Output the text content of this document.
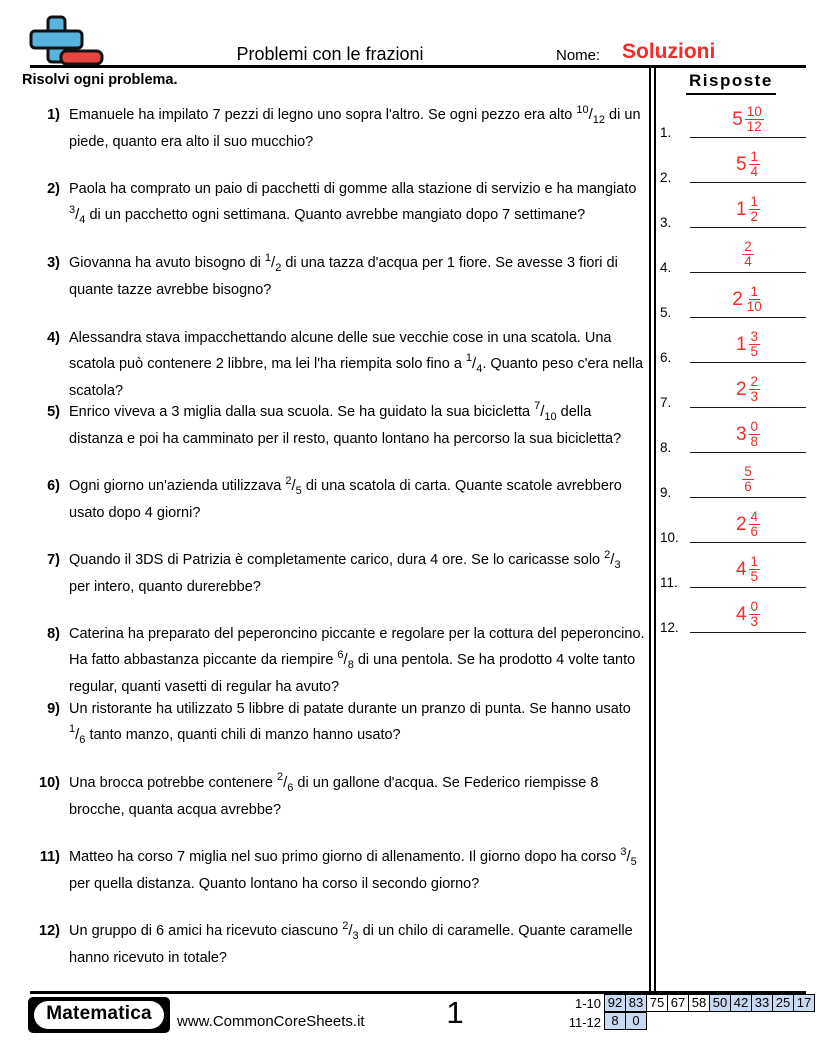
Problemi con le frazioni	Nome: Soluzioni
Risolvi ogni problema.	Risposte
1) Emanuele ha impilato 7 pezzi di legno uno sopra l'altro. Se ogni pezzo era alto $^{10}/_{12}$ di un piede, quanto era alto il suo mucchio?
2) Paola ha comprato un paio di pacchetti di gomme alla stazione di servizio e ha mangiato $^3/_4$ di un pacchetto ogni settimana. Quanto avrebbe mangiato dopo 7 settimane?
3) Giovanna ha avuto bisogno di $^1/_2$ di una tazza d'acqua per 1 fiore. Se avesse 3 fiori di quante tazze avrebbe bisogno?
4) Alessandra stava impacchettando alcune delle sue vecchie cose in una scatola. Una scatola può contenere 2 libbre, ma lei l'ha riempita solo fino a $^1/_4$. Quanto peso c'era nella scatola?
5) Enrico viveva a 3 miglia dalla sua scuola. Se ha guidato la sua bicicletta $^7/_{10}$ della distanza e poi ha camminato per il resto, quanto lontano ha percorso la sua bicicletta?
6) Ogni giorno un'azienda utilizzava $^2/_5$ di una scatola di carta. Quante scatole avrebbero usato dopo 4 giorni?
7) Quando il 3DS di Patrizia è completamente carico, dura 4 ore. Se lo caricasse solo $^2/_3$ per intero, quanto durerebbe?
8) Caterina ha preparato del peperoncino piccante e regolare per la cottura del peperoncino. Ha fatto abbastanza piccante da riempire $^6/_8$ di una pentola. Se ha prodotto 4 volte tanto regular, quanti vasetti di regular ha avuto?
9) Un ristorante ha utilizzato 5 libbre di patate durante un pranzo di punta. Se hanno usato $^1/_6$ tanto manzo, quanti chili di manzo hanno usato?
10) Una brocca potrebbe contenere $^2/_6$ di un gallone d'acqua. Se Federico riempisse 8 brocche, quanta acqua avrebbe?
11) Matteo ha corso 7 miglia nel suo primo giorno di allenamento. Il giorno dopo ha corso $^3/_5$ per quella distanza. Quanto lontano ha corso il secondo giorno?
12) Un gruppo di 6 amici ha ricevuto ciascuno $^2/_3$ di un chilo di caramelle. Quante caramelle hanno ricevuto in totale?
1.
$5 \frac{10}{12}$
2.
$5 \frac{1}{4}$
3.
$1 \frac{1}{2}$
4.	$\frac{2}{4}$
5.
$2 \frac{1}{10}$
6.
$1 \frac{3}{5}$
7.
$2 \frac{2}{3}$
8.
$3 \frac{0}{8}$
9.	$\frac{5}{6}$
10.
$2 \frac{4}{6}$
11.
$4 \frac{1}{5}$
12.
$4 \frac{0}{3}$
Matematica	www.CommonCoreSheets.it	1	1-10 92 83 75 67 58 50 42 33 25 17
11-12 8	0
